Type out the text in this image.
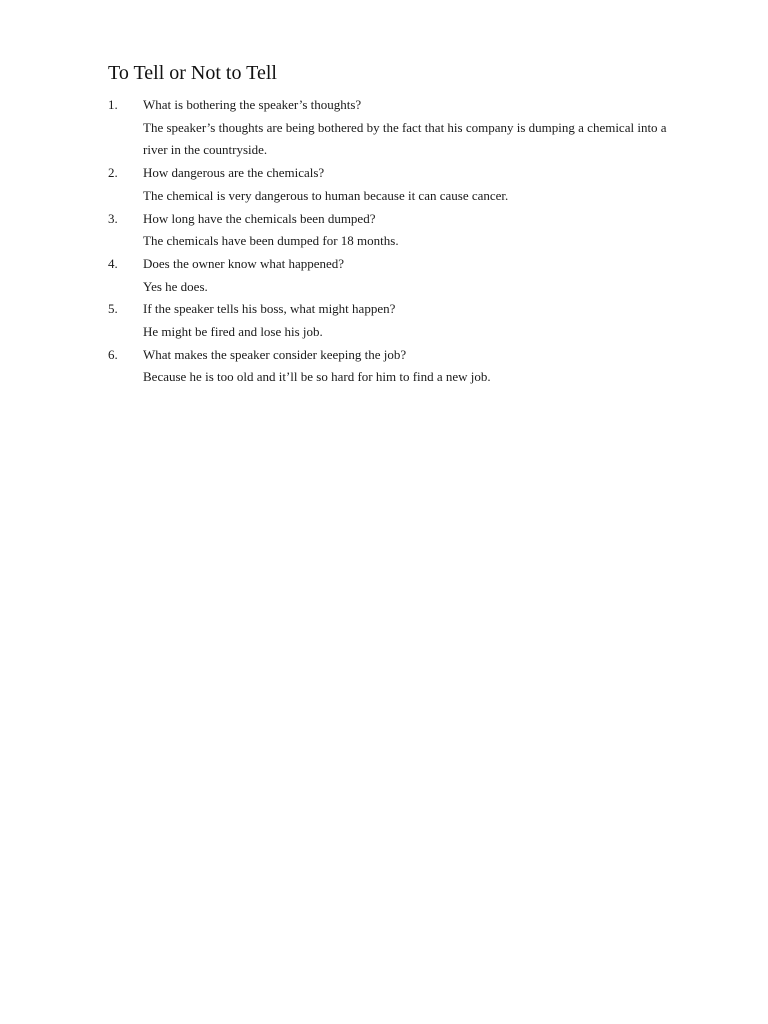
To Tell or Not to Tell
1. What is bothering the speaker’s thoughts?
The speaker’s thoughts are being bothered by the fact that his company is dumping a chemical into a river in the countryside.
2. How dangerous are the chemicals?
The chemical is very dangerous to human because it can cause cancer.
3. How long have the chemicals been dumped?
The chemicals have been dumped for 18 months.
4. Does the owner know what happened?
Yes he does.
5. If the speaker tells his boss, what might happen?
He might be fired and lose his job.
6. What makes the speaker consider keeping the job?
Because he is too old and it’ll be so hard for him to find a new job.
